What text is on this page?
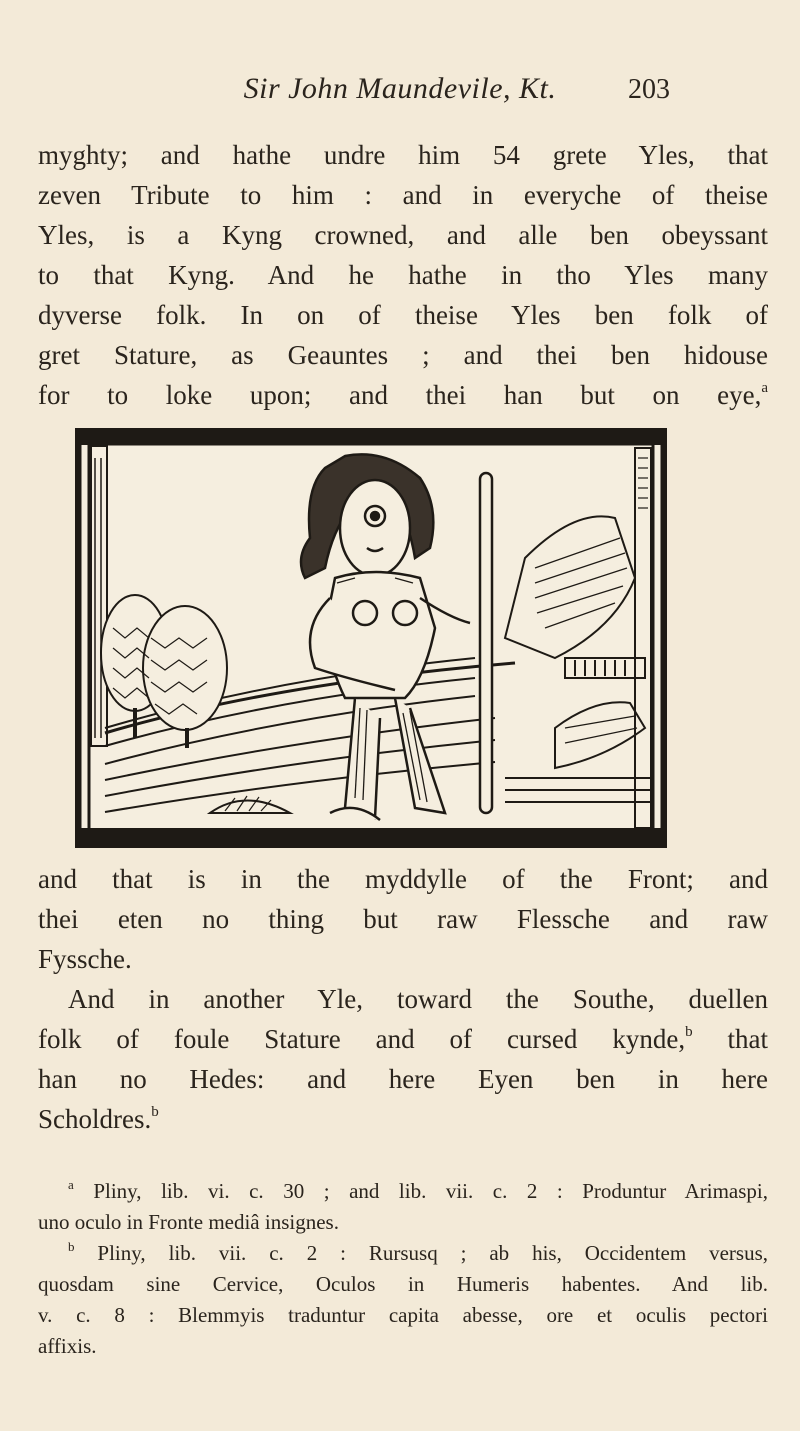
Sir John Maundevile, Kt.	203
myghty; and hathe undre him 54 grete Yles, that
zeven Tribute to him : and in everyche of theise
Yles, is a Kyng crowned, and alle ben obeyssant
to that Kyng. And he hathe in tho Yles many
dyverse folk. In on of theise Yles ben folk of
gret Stature, as Geauntes ; and thei ben hidouse
for to loke upon; and thei han but on eye,$^a$
and that is in the myddylle of the Front; and
thei eten no thing but raw Flessche and raw
Fyssche.
And in another Yle, toward the Southe, duellen
folk of foule Stature and of cursed kynde,$^b$ that
han no Hedes: and here Eyen ben in here
Scholdres.$^b$
$^a$ Pliny, lib. vi. c. 30 ; and lib. vii. c. 2 : Produntur Arimaspi,
uno oculo in Fronte mediâ insignes.
$^b$ Pliny, lib. vii. c. 2 : Rursusq ; ab his, Occidentem versus,
quosdam sine Cervice, Oculos in Humeris habentes. And lib.
v. c. 8 : Blemmyis traduntur capita abesse, ore et oculis pectori
affixis.
